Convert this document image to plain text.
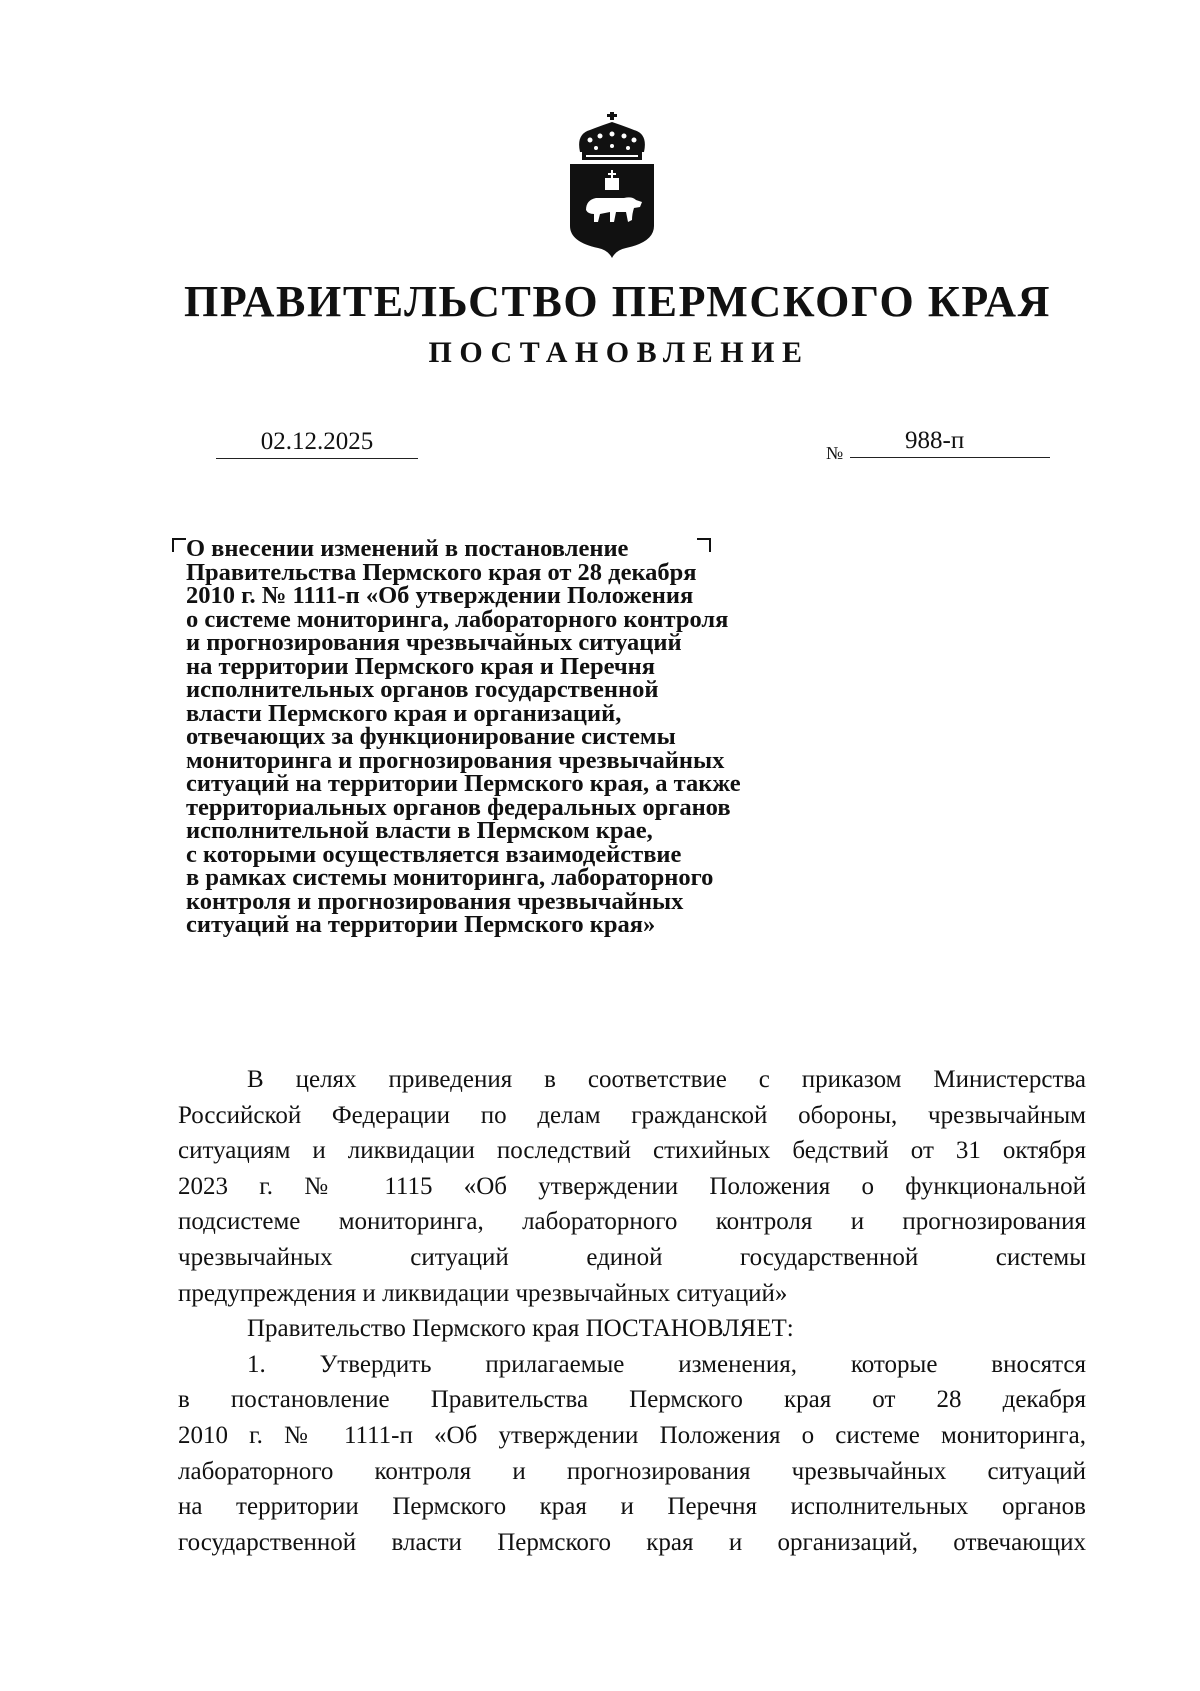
ПРАВИТЕЛЬСТВО ПЕРМСКОГО КРАЯ
ПОСТАНОВЛЕНИЕ
02.12.2025	№	988-п
О внесении изменений в постановление
Правительства Пермского края от 28 декабря
2010 г. № 1111-п «Об утверждении Положения
о системе мониторинга, лабораторного контроля
и прогнозирования чрезвычайных ситуаций
на территории Пермского края и Перечня
исполнительных органов государственной
власти Пермского края и организаций,
отвечающих за функционирование системы
мониторинга и прогнозирования чрезвычайных
ситуаций на территории Пермского края, а также
территориальных органов федеральных органов
исполнительной власти в Пермском крае,
с которыми осуществляется взаимодействие
в рамках системы мониторинга, лабораторного
контроля и прогнозирования чрезвычайных
ситуаций на территории Пермского края»
В целях приведения в соответствие с приказом Министерства
Российской Федерации по делам гражданской обороны, чрезвычайным
ситуациям и ликвидации последствий стихийных бедствий от 31 октября
2023 г. № 1115 «Об утверждении Положения о функциональной
подсистеме мониторинга, лабораторного контроля и прогнозирования
чрезвычайных ситуаций единой государственной системы
предупреждения и ликвидации чрезвычайных ситуаций»
Правительство Пермского края ПОСТАНОВЛЯЕТ:
1. Утвердить прилагаемые изменения, которые вносятся
в постановление Правительства Пермского края от 28 декабря
2010 г. № 1111-п «Об утверждении Положения о системе мониторинга,
лабораторного контроля и прогнозирования чрезвычайных ситуаций
на территории Пермского края и Перечня исполнительных органов
государственной власти Пермского края и организаций, отвечающих
